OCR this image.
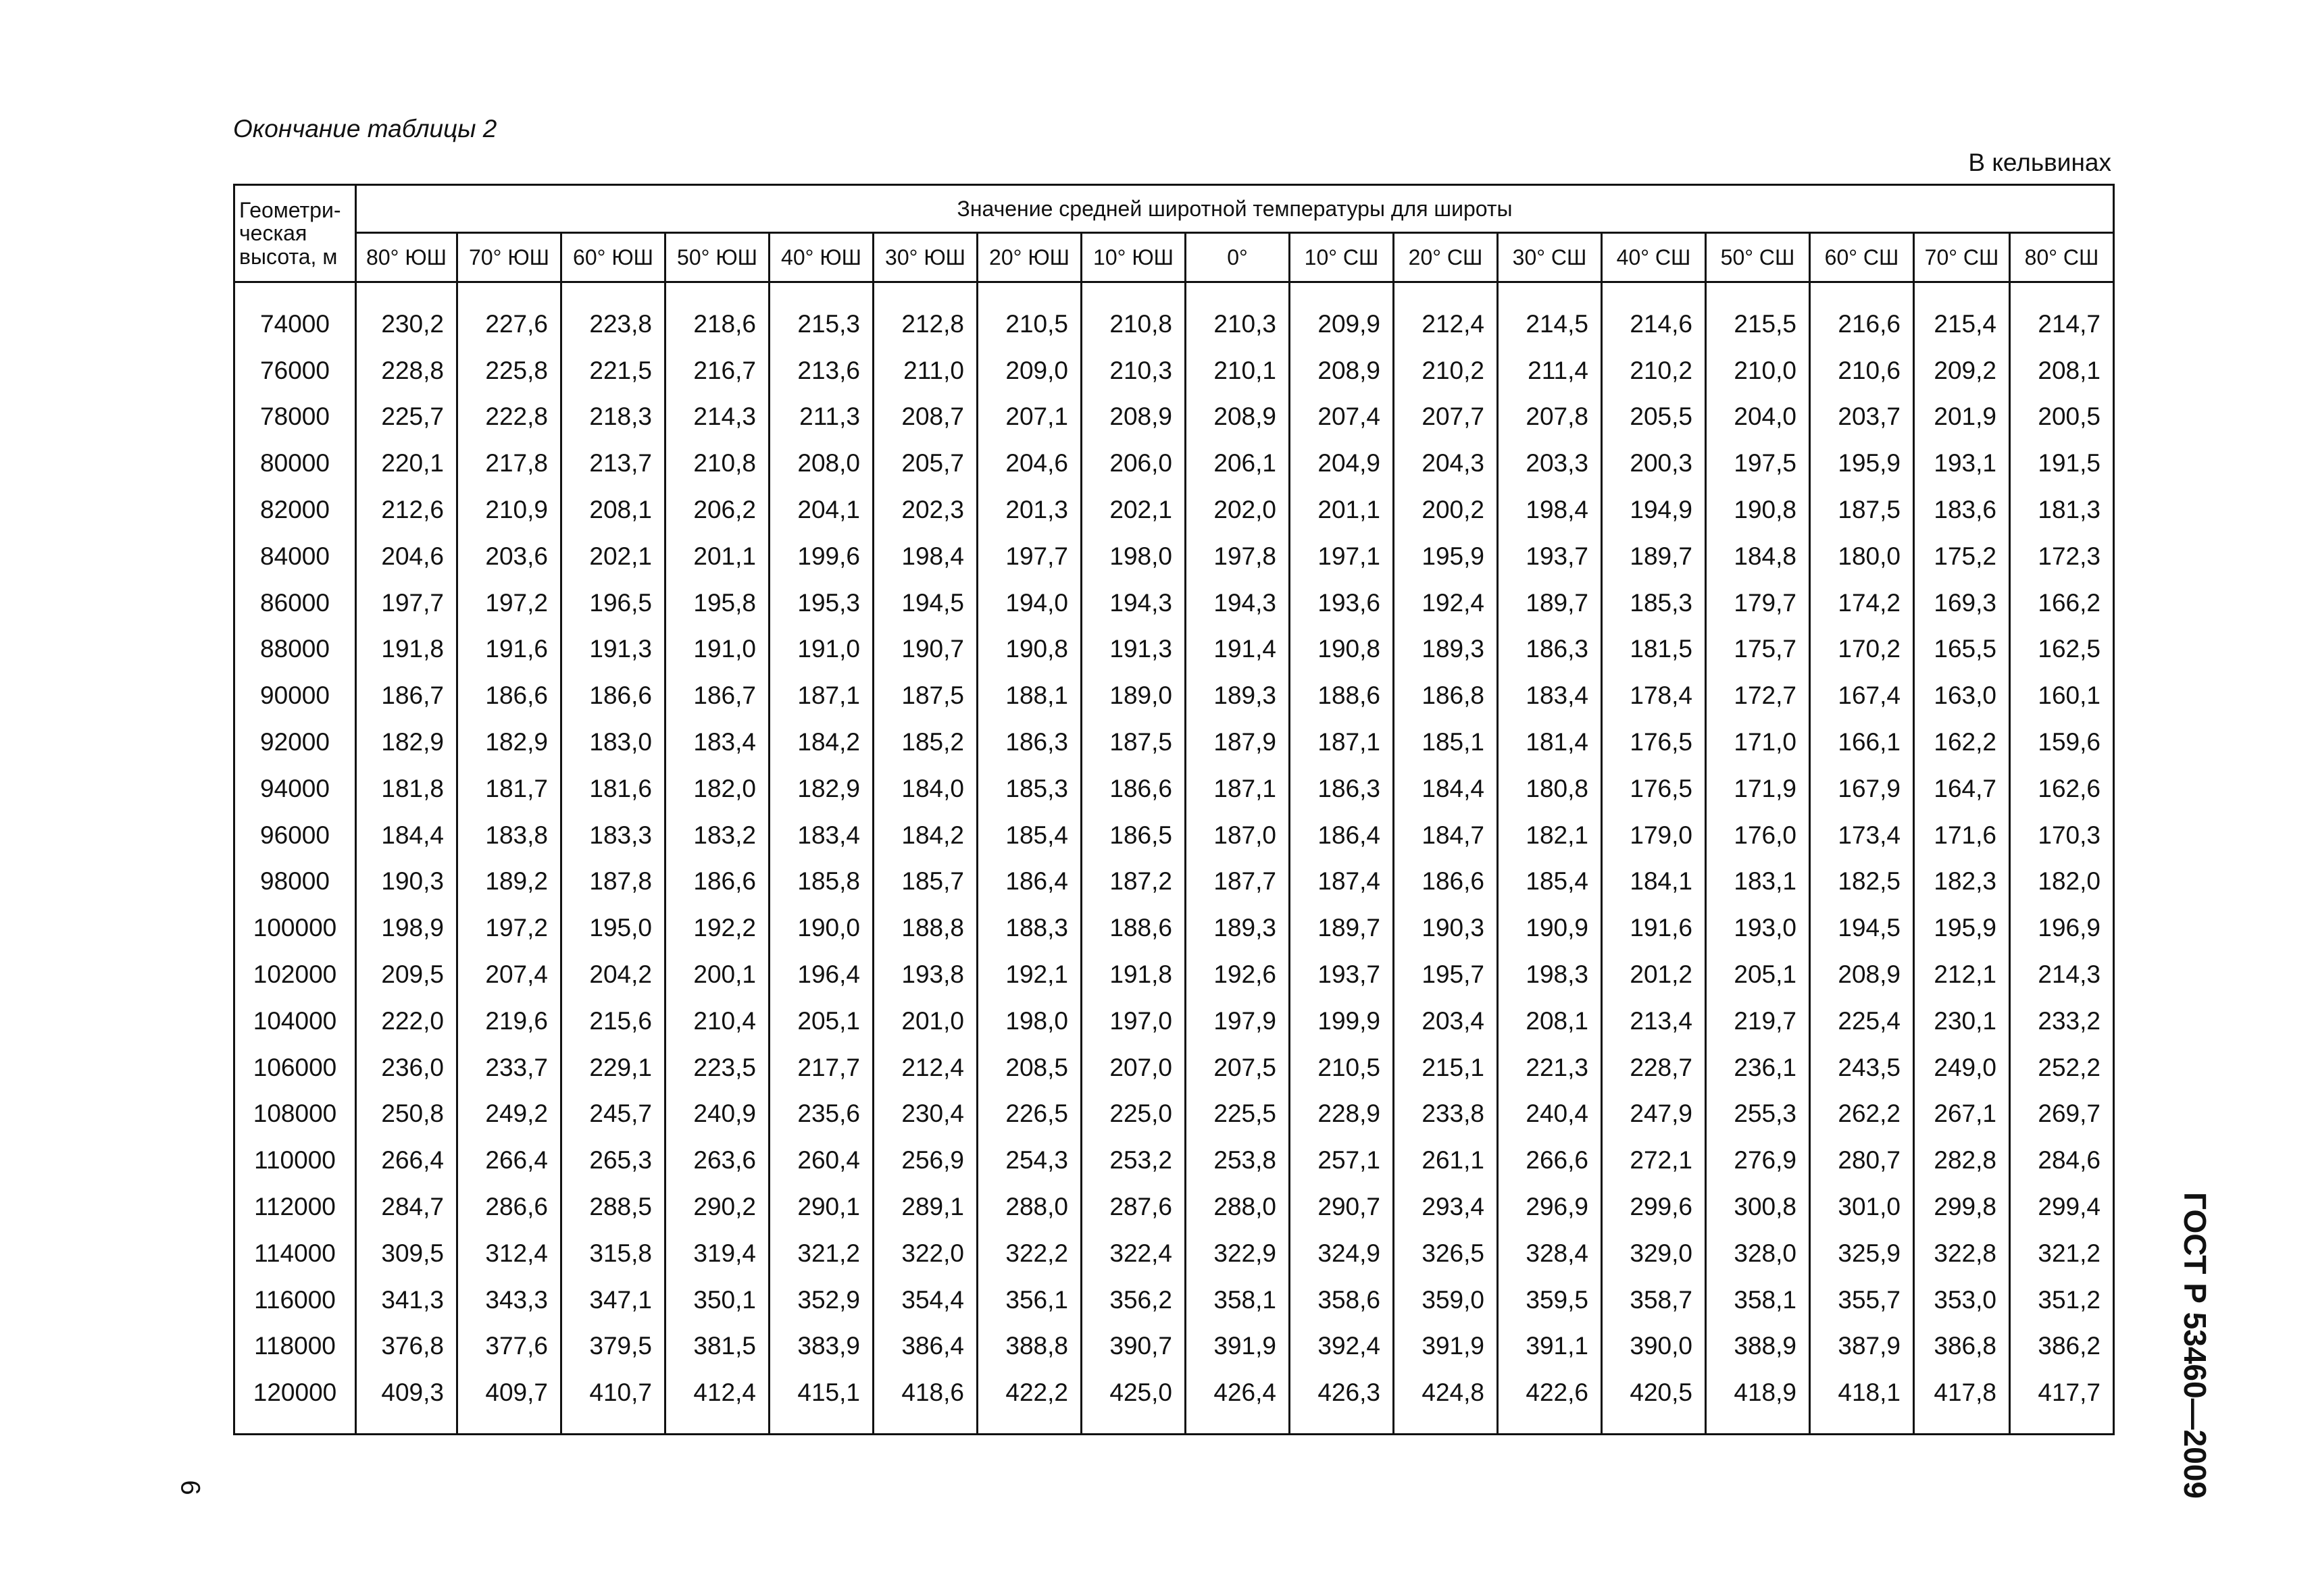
Окончание таблицы 2
В кельвинах
Геометри-
ческая
высота, м	Значение средней широтной температуры для широты																
	80° ЮШ	70° ЮШ	60° ЮШ	50° ЮШ	40° ЮШ	30° ЮШ	20° ЮШ	10° ЮШ	0°	10° СШ	20° СШ	30° СШ	40° СШ	50° СШ	60° СШ	70° СШ	80° СШ
74000	230,2	227,6	223,8	218,6	215,3	212,8	210,5	210,8	210,3	209,9	212,4	214,5	214,6	215,5	216,6	215,4	214,7
76000	228,8	225,8	221,5	216,7	213,6	211,0	209,0	210,3	210,1	208,9	210,2	211,4	210,2	210,0	210,6	209,2	208,1
78000	225,7	222,8	218,3	214,3	211,3	208,7	207,1	208,9	208,9	207,4	207,7	207,8	205,5	204,0	203,7	201,9	200,5
80000	220,1	217,8	213,7	210,8	208,0	205,7	204,6	206,0	206,1	204,9	204,3	203,3	200,3	197,5	195,9	193,1	191,5
82000	212,6	210,9	208,1	206,2	204,1	202,3	201,3	202,1	202,0	201,1	200,2	198,4	194,9	190,8	187,5	183,6	181,3
84000	204,6	203,6	202,1	201,1	199,6	198,4	197,7	198,0	197,8	197,1	195,9	193,7	189,7	184,8	180,0	175,2	172,3
86000	197,7	197,2	196,5	195,8	195,3	194,5	194,0	194,3	194,3	193,6	192,4	189,7	185,3	179,7	174,2	169,3	166,2
88000	191,8	191,6	191,3	191,0	191,0	190,7	190,8	191,3	191,4	190,8	189,3	186,3	181,5	175,7	170,2	165,5	162,5
90000	186,7	186,6	186,6	186,7	187,1	187,5	188,1	189,0	189,3	188,6	186,8	183,4	178,4	172,7	167,4	163,0	160,1
92000	182,9	182,9	183,0	183,4	184,2	185,2	186,3	187,5	187,9	187,1	185,1	181,4	176,5	171,0	166,1	162,2	159,6
94000	181,8	181,7	181,6	182,0	182,9	184,0	185,3	186,6	187,1	186,3	184,4	180,8	176,5	171,9	167,9	164,7	162,6
96000	184,4	183,8	183,3	183,2	183,4	184,2	185,4	186,5	187,0	186,4	184,7	182,1	179,0	176,0	173,4	171,6	170,3
98000	190,3	189,2	187,8	186,6	185,8	185,7	186,4	187,2	187,7	187,4	186,6	185,4	184,1	183,1	182,5	182,3	182,0
100000	198,9	197,2	195,0	192,2	190,0	188,8	188,3	188,6	189,3	189,7	190,3	190,9	191,6	193,0	194,5	195,9	196,9
102000	209,5	207,4	204,2	200,1	196,4	193,8	192,1	191,8	192,6	193,7	195,7	198,3	201,2	205,1	208,9	212,1	214,3
104000	222,0	219,6	215,6	210,4	205,1	201,0	198,0	197,0	197,9	199,9	203,4	208,1	213,4	219,7	225,4	230,1	233,2
106000	236,0	233,7	229,1	223,5	217,7	212,4	208,5	207,0	207,5	210,5	215,1	221,3	228,7	236,1	243,5	249,0	252,2
108000	250,8	249,2	245,7	240,9	235,6	230,4	226,5	225,0	225,5	228,9	233,8	240,4	247,9	255,3	262,2	267,1	269,7
110000	266,4	266,4	265,3	263,6	260,4	256,9	254,3	253,2	253,8	257,1	261,1	266,6	272,1	276,9	280,7	282,8	284,6
112000	284,7	286,6	288,5	290,2	290,1	289,1	288,0	287,6	288,0	290,7	293,4	296,9	299,6	300,8	301,0	299,8	299,4
114000	309,5	312,4	315,8	319,4	321,2	322,0	322,2	322,4	322,9	324,9	326,5	328,4	329,0	328,0	325,9	322,8	321,2
116000	341,3	343,3	347,1	350,1	352,9	354,4	356,1	356,2	358,1	358,6	359,0	359,5	358,7	358,1	355,7	353,0	351,2
118000	376,8	377,6	379,5	381,5	383,9	386,4	388,8	390,7	391,9	392,4	391,9	391,1	390,0	388,9	387,9	386,8	386,2
120000	409,3	409,7	410,7	412,4	415,1	418,6	422,2	425,0	426,4	426,3	424,8	422,6	420,5	418,9	418,1	417,8	417,7
6	ГОСТ Р 53460—2009
